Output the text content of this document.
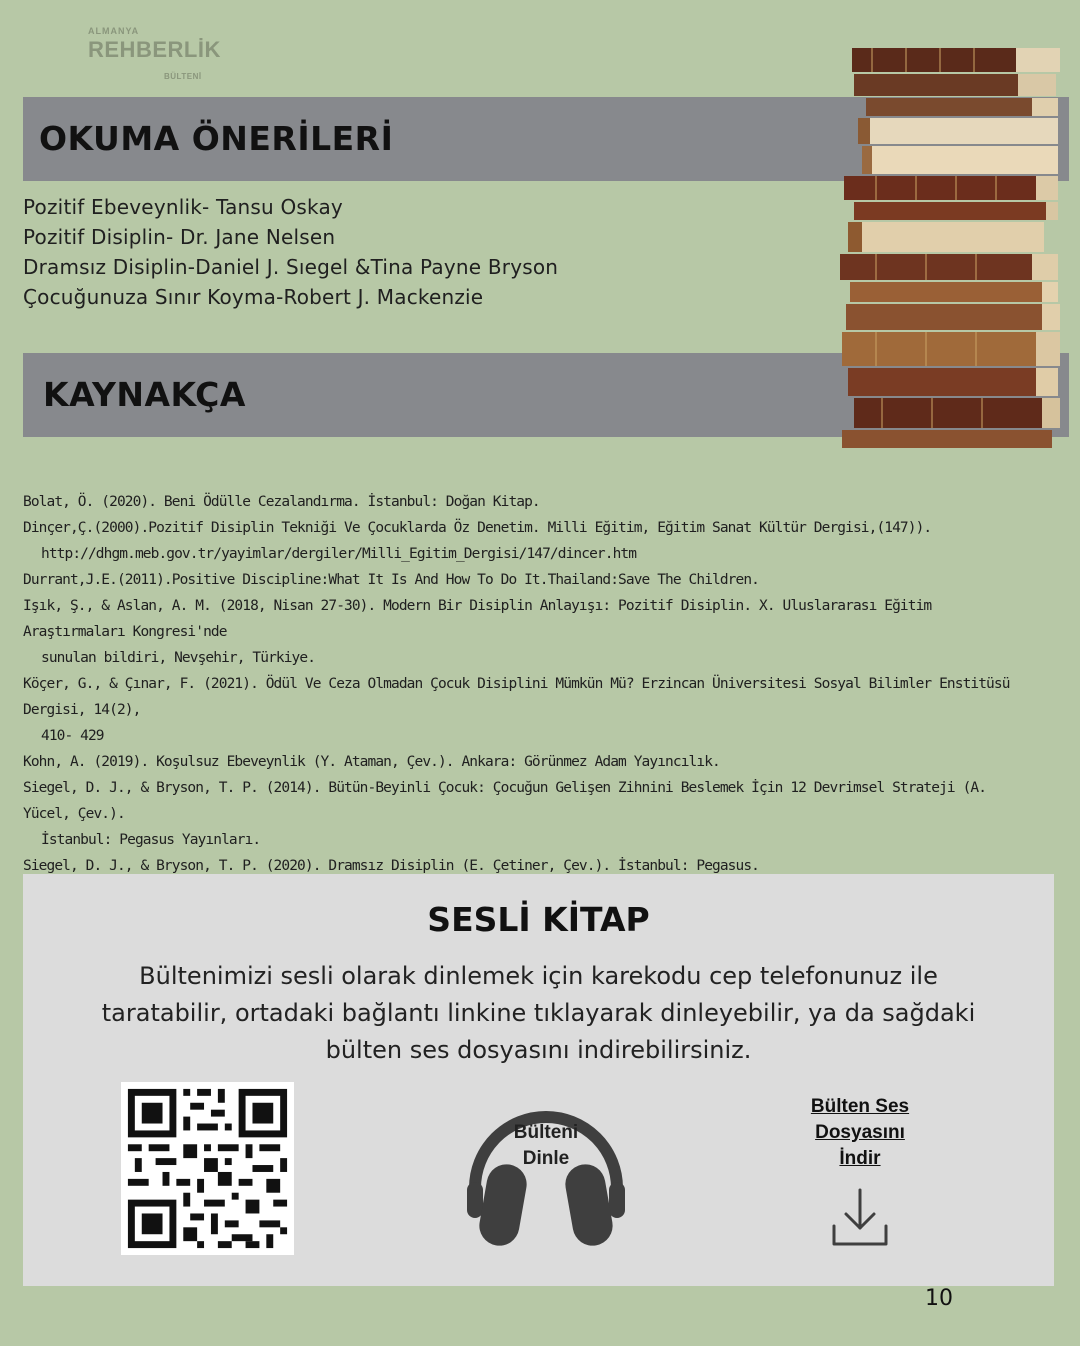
ALMANYA
REHBERLİK
BÜLTENİ
OKUMA ÖNERİLERİ
KAYNAKÇA
Pozitif Ebeveynlik- Tansu Oskay
Pozitif Disiplin- Dr. Jane Nelsen
Dramsız Disiplin-Daniel J. Sıegel &Tina Payne Bryson
Çocuğunuza Sınır Koyma-Robert J. Mackenzie
Bolat, Ö. (2020). Beni Ödülle Cezalandırma. İstanbul: Doğan Kitap.
Dinçer,Ç.(2000).Pozitif Disiplin Tekniği Ve Çocuklarda Öz Denetim. Milli Eğitim, Eğitim Sanat Kültür Dergisi,(147)).
http://dhgm.meb.gov.tr/yayimlar/dergiler/Milli_Egitim_Dergisi/147/dincer.htm
Durrant,J.E.(2011).Positive Discipline:What It Is And How To Do It.Thailand:Save The Children.
Işık, Ş., & Aslan, A. M. (2018, Nisan 27-30). Modern Bir Disiplin Anlayışı: Pozitif Disiplin. X. Uluslararası Eğitim Araştırmaları Kongresi'nde
sunulan bildiri, Nevşehir, Türkiye.
Köçer, G., & Çınar, F. (2021). Ödül Ve Ceza Olmadan Çocuk Disiplini Mümkün Mü? Erzincan Üniversitesi Sosyal Bilimler Enstitüsü Dergisi, 14(2),
410- 429
Kohn, A. (2019). Koşulsuz Ebeveynlik (Y. Ataman, Çev.). Ankara: Görünmez Adam Yayıncılık.
Siegel, D. J., & Bryson, T. P. (2014). Bütün-Beyinli Çocuk: Çocuğun Gelişen Zihnini Beslemek İçin 12 Devrimsel Strateji (A. Yücel, Çev.).
İstanbul: Pegasus Yayınları.
Siegel, D. J., & Bryson, T. P. (2020). Dramsız Disiplin (E. Çetiner, Çev.). İstanbul: Pegasus.
SESLİ KİTAP
Bültenimizi sesli olarak dinlemek için karekodu cep telefonunuz ile taratabilir, ortadaki bağlantı linkine tıklayarak dinleyebilir, ya da sağdaki bülten ses dosyasını indirebilirsiniz.
Bülteni
Dinle
Bülten Ses
Dosyasını
İndir
10
